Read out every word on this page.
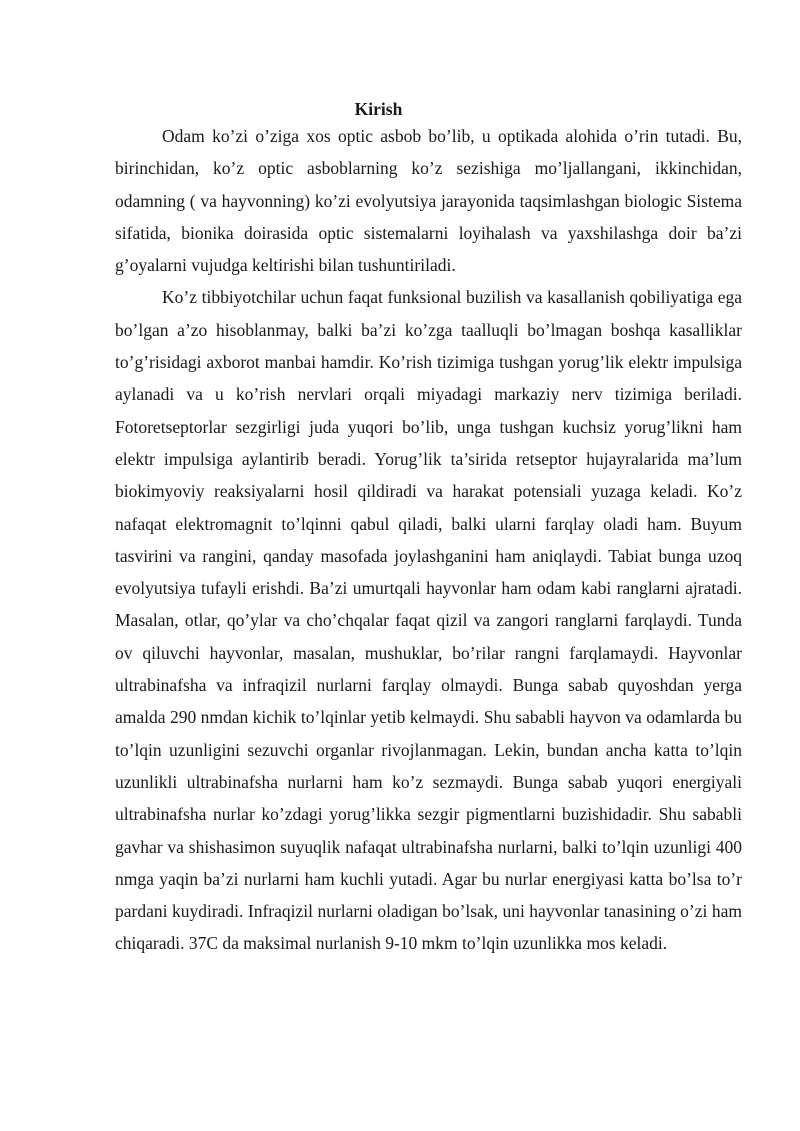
Kirish

Odam ko’zi o’ziga xos optic asbob bo’lib, u optikada alohida o’rin tutadi. Bu, birinchidan, ko’z optic asboblarning ko’z sezishiga mo’ljallangani, ikkinchidan, odamning ( va hayvonning) ko’zi evolyutsiya jarayonida taqsimlashgan biologic Sistema sifatida, bionika doirasida optic sistemalarni loyihalash va yaxshilashga doir ba’zi g’oyalarni vujudga keltirishi bilan tushuntiriladi.

Ko’z tibbiyotchilar uchun faqat funksional buzilish va kasallanish qobiliyatiga ega bo’lgan a’zo hisoblanmay, balki ba’zi ko’zga taalluqli bo’lmagan boshqa kasalliklar to’g’risidagi axborot manbai hamdir. Ko’rish tizimiga tushgan yorug’lik elektr impulsiga aylanadi va u ko’rish nervlari orqali miyadagi markaziy nerv tizimiga beriladi. Fotoretseptorlar sezgirligi juda yuqori bo’lib, unga tushgan kuchsiz yorug’likni ham elektr impulsiga aylantirib beradi. Yorug’lik ta’sirida retseptor hujayralarida ma’lum biokimyoviy reaksiyalarni hosil qildiradi va harakat potensiali yuzaga keladi. Ko’z nafaqat elektromagnit to’lqinni qabul qiladi, balki ularni farqlay oladi ham. Buyum tasvirini va rangini, qanday masofada joylashganini ham aniqlaydi. Tabiat bunga uzoq evolyutsiya tufayli erishdi. Ba’zi umurtqali hayvonlar ham odam kabi ranglarni ajratadi. Masalan, otlar, qo’ylar va cho’chqalar faqat qizil va zangori ranglarni farqlaydi. Tunda ov qiluvchi hayvonlar, masalan, mushuklar, bo’rilar rangni farqlamaydi. Hayvonlar ultrabinafsha va infraqizil nurlarni farqlay olmaydi. Bunga sabab quyoshdan yerga amalda 290 nmdan kichik to’lqinlar yetib kelmaydi. Shu sababli hayvon va odamlarda bu to’lqin uzunligini sezuvchi organlar rivojlanmagan. Lekin, bundan ancha katta to’lqin uzunlikli ultrabinafsha nurlarni ham ko’z sezmaydi. Bunga sabab yuqori energiyali ultrabinafsha nurlar ko’zdagi yorug’likka sezgir pigmentlarni buzishidadir. Shu sababli gavhar va shishasimon suyuqlik nafaqat ultrabinafsha nurlarni, balki to’lqin uzunligi 400 nmga yaqin ba’zi nurlarni ham kuchli yutadi. Agar bu nurlar energiyasi katta bo’lsa to’r pardani kuydiradi. Infraqizil nurlarni oladigan bo’lsak, uni hayvonlar tanasining o’zi ham chiqaradi. 37C da maksimal nurlanish 9-10 mkm to’lqin uzunlikka mos keladi.
